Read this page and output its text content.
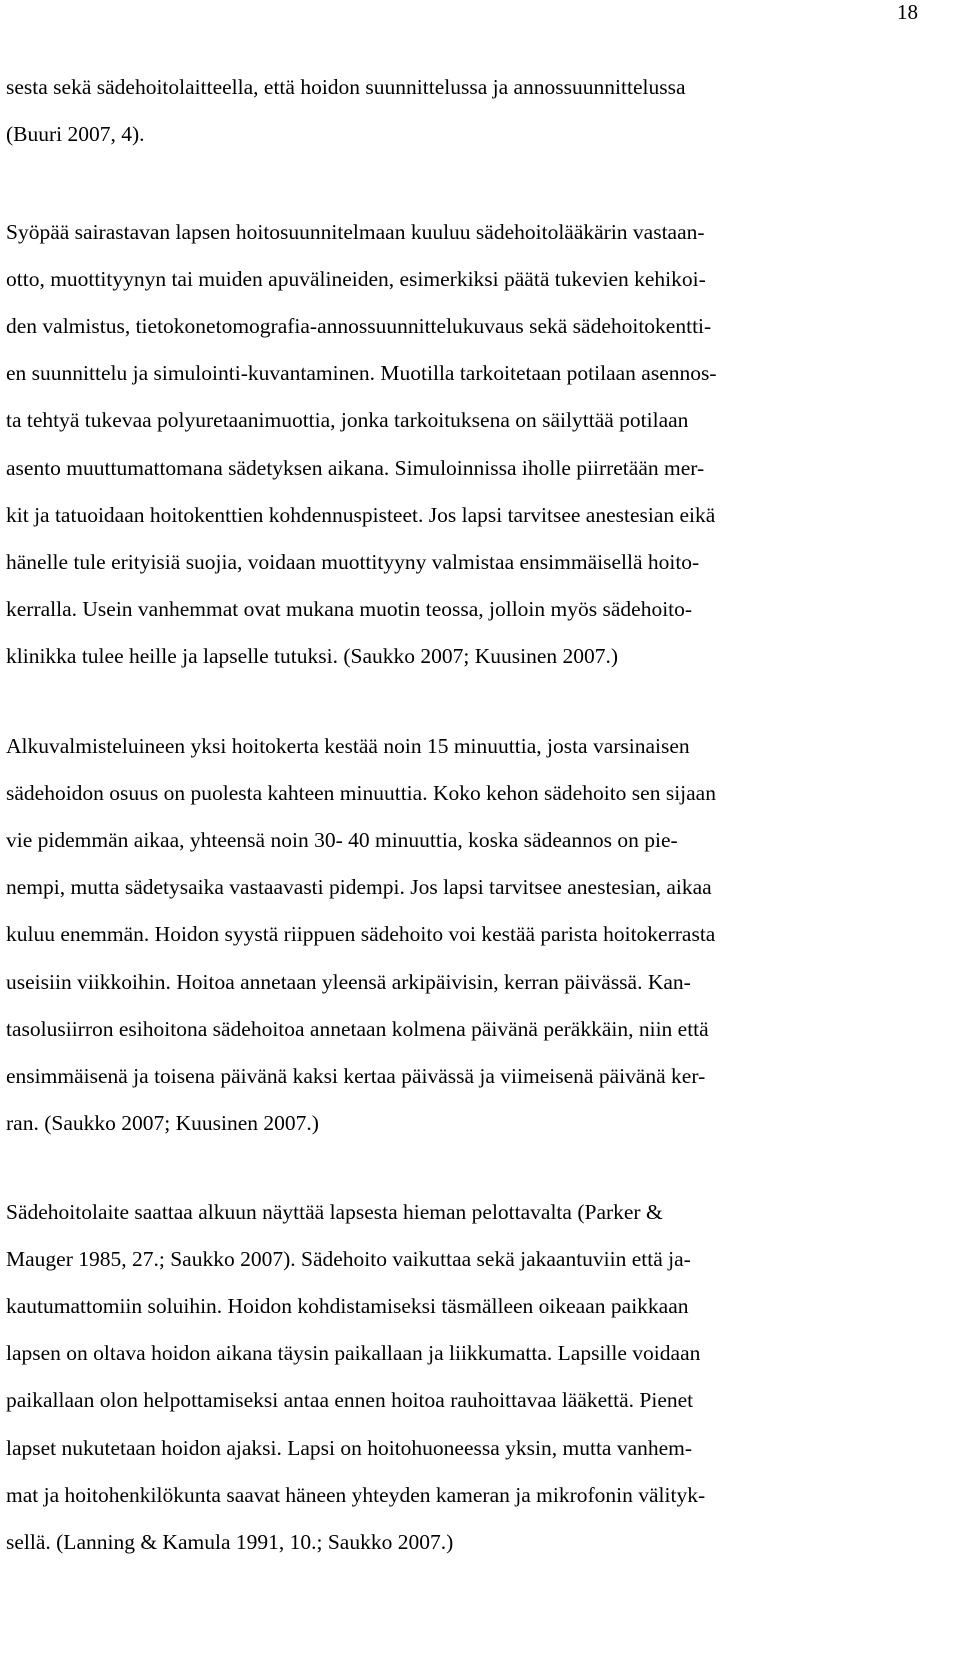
18
sesta sekä sädehoitolaitteella, että hoidon suunnittelussa ja annossuunnittelussa
(Buuri 2007, 4).
Syöpää sairastavan lapsen hoitosuunnitelmaan kuuluu sädehoitolääkärin vastaan-
otto, muottityynyn tai muiden apuvälineiden, esimerkiksi päätä tukevien kehikoi-
den valmistus, tietokonetomografia-annossuunnittelukuvaus sekä sädehoitokentti-
en suunnittelu ja simulointi-kuvantaminen. Muotilla tarkoitetaan potilaan asennos-
ta tehtyä tukevaa polyuretaanimuottia, jonka tarkoituksena on säilyttää potilaan
asento muuttumattomana sädetyksen aikana. Simuloinnissa iholle piirretään mer-
kit ja tatuoidaan hoitokenttien kohdennuspisteet. Jos lapsi tarvitsee anestesian eikä
hänelle tule erityisiä suojia, voidaan muottityyny valmistaa ensimmäisellä hoito-
kerralla. Usein vanhemmat ovat mukana muotin teossa, jolloin myös sädehoito-
klinikka tulee heille ja lapselle tutuksi. (Saukko 2007; Kuusinen 2007.)
Alkuvalmisteluineen yksi hoitokerta kestää noin 15 minuuttia, josta varsinaisen
sädehoidon osuus on puolesta kahteen minuuttia. Koko kehon sädehoito sen sijaan
vie pidemmän aikaa, yhteensä noin 30- 40 minuuttia, koska sädeannos on pie-
nempi, mutta sädetysaika vastaavasti pidempi. Jos lapsi tarvitsee anestesian, aikaa
kuluu enemmän. Hoidon syystä riippuen sädehoito voi kestää parista hoitokerrasta
useisiin viikkoihin. Hoitoa annetaan yleensä arkipäivisin, kerran päivässä. Kan-
tasolusiirron esihoitona sädehoitoa annetaan kolmena päivänä peräkkäin, niin että
ensimmäisenä ja toisena päivänä kaksi kertaa päivässä ja viimeisenä päivänä ker-
ran. (Saukko 2007; Kuusinen 2007.)
Sädehoitolaite saattaa alkuun näyttää lapsesta hieman pelottavalta (Parker &
Mauger 1985, 27.; Saukko 2007). Sädehoito vaikuttaa sekä jakaantuviin että ja-
kautumattomiin soluihin. Hoidon kohdistamiseksi täsmälleen oikeaan paikkaan
lapsen on oltava hoidon aikana täysin paikallaan ja liikkumatta. Lapsille voidaan
paikallaan olon helpottamiseksi antaa ennen hoitoa rauhoittavaa lääkettä. Pienet
lapset nukutetaan hoidon ajaksi. Lapsi on hoitohuoneessa yksin, mutta vanhem-
mat ja hoitohenkilökunta saavat häneen yhteyden kameran ja mikrofonin välityk-
sellä. (Lanning & Kamula 1991, 10.; Saukko 2007.)
